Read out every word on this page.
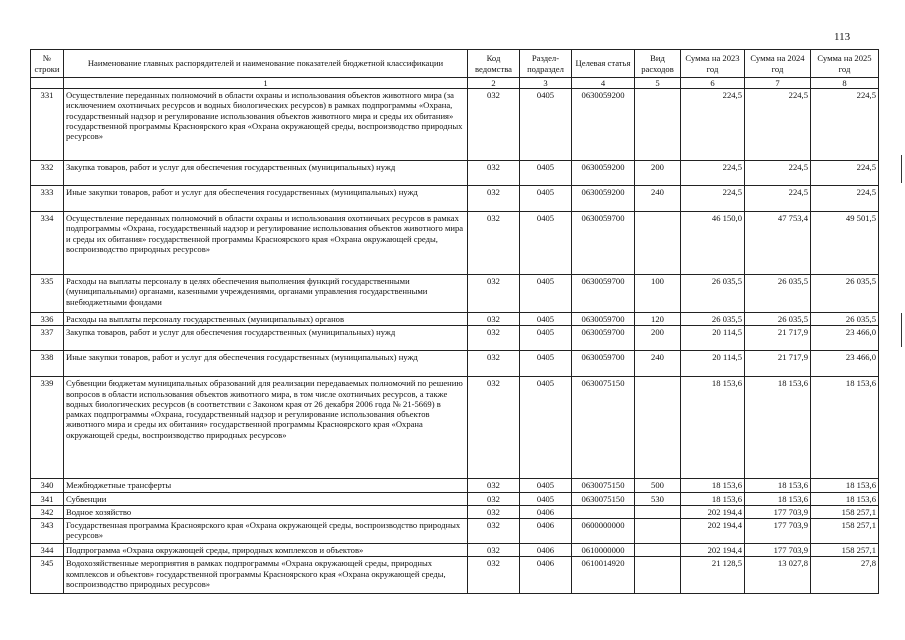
113
№ строки	Наименование главных распорядителей и наименование показателей бюджетной классификации	Код ведомства	Раздел-подраздел	Целевая статья	Вид расходов	Сумма на 2023 год	Сумма на 2024 год	Сумма на 2025 год
	1	2	3	4	5	6	7	8
331	Осуществление переданных полномочий в области охраны и использования объектов животного мира (за исключением охотничьих ресурсов и водных биологических ресурсов) в рамках подпрограммы «Охрана, государственный надзор и регулирование использования объектов животного мира и среды их обитания» государственной программы Красноярского края «Охрана окружающей среды, воспроизводство природных ресурсов»	032	0405	0630059200		224,5	224,5	224,5
332	Закупка товаров, работ и услуг для обеспечения государственных (муниципальных) нужд	032	0405	0630059200	200	224,5	224,5	224,5
333	Иные закупки товаров, работ и услуг для обеспечения государственных (муниципальных) нужд	032	0405	0630059200	240	224,5	224,5	224,5
334	Осуществление переданных полномочий в области охраны и использования охотничьих ресурсов в рамках подпрограммы «Охрана, государственный надзор и регулирование использования объектов животного мира и среды их обитания» государственной программы Красноярского края «Охрана окружающей среды, воспроизводство природных ресурсов»	032	0405	0630059700		46 150,0	47 753,4	49 501,5
335	Расходы на выплаты персоналу в целях обеспечения выполнения функций государственными (муниципальными) органами, казенными учреждениями, органами управления государственными внебюджетными фондами	032	0405	0630059700	100	26 035,5	26 035,5	26 035,5
336	Расходы на выплаты персоналу государственных (муниципальных) органов	032	0405	0630059700	120	26 035,5	26 035,5	26 035,5
337	Закупка товаров, работ и услуг для обеспечения государственных (муниципальных) нужд	032	0405	0630059700	200	20 114,5	21 717,9	23 466,0
338	Иные закупки товаров, работ и услуг для обеспечения государственных (муниципальных) нужд	032	0405	0630059700	240	20 114,5	21 717,9	23 466,0
339	Субвенции бюджетам муниципальных образований для реализации передаваемых полномочий по решению вопросов в области использования объектов животного мира, в том числе охотничьих ресурсов, а также водных биологических ресурсов (в соответствии с Законом края от 26 декабря 2006 года № 21-5669) в рамках подпрограммы «Охрана, государственный надзор и регулирование использования объектов животного мира и среды их обитания» государственной программы Красноярского края «Охрана окружающей среды, воспроизводство природных ресурсов»	032	0405	0630075150		18 153,6	18 153,6	18 153,6
340	Межбюджетные трансферты	032	0405	0630075150	500	18 153,6	18 153,6	18 153,6
341	Субвенции	032	0405	0630075150	530	18 153,6	18 153,6	18 153,6
342	Водное хозяйство	032	0406			202 194,4	177 703,9	158 257,1
343	Государственная программа Красноярского края «Охрана окружающей среды, воспроизводство природных ресурсов»	032	0406	0600000000		202 194,4	177 703,9	158 257,1
344	Подпрограмма «Охрана окружающей среды, природных комплексов и объектов»	032	0406	0610000000		202 194,4	177 703,9	158 257,1
345	Водохозяйственные мероприятия в рамках подпрограммы «Охрана окружающей среды, природных комплексов и объектов» государственной программы Красноярского края «Охрана окружающей среды, воспроизводство природных ресурсов»	032	0406	0610014920		21 128,5	13 027,8	27,8
